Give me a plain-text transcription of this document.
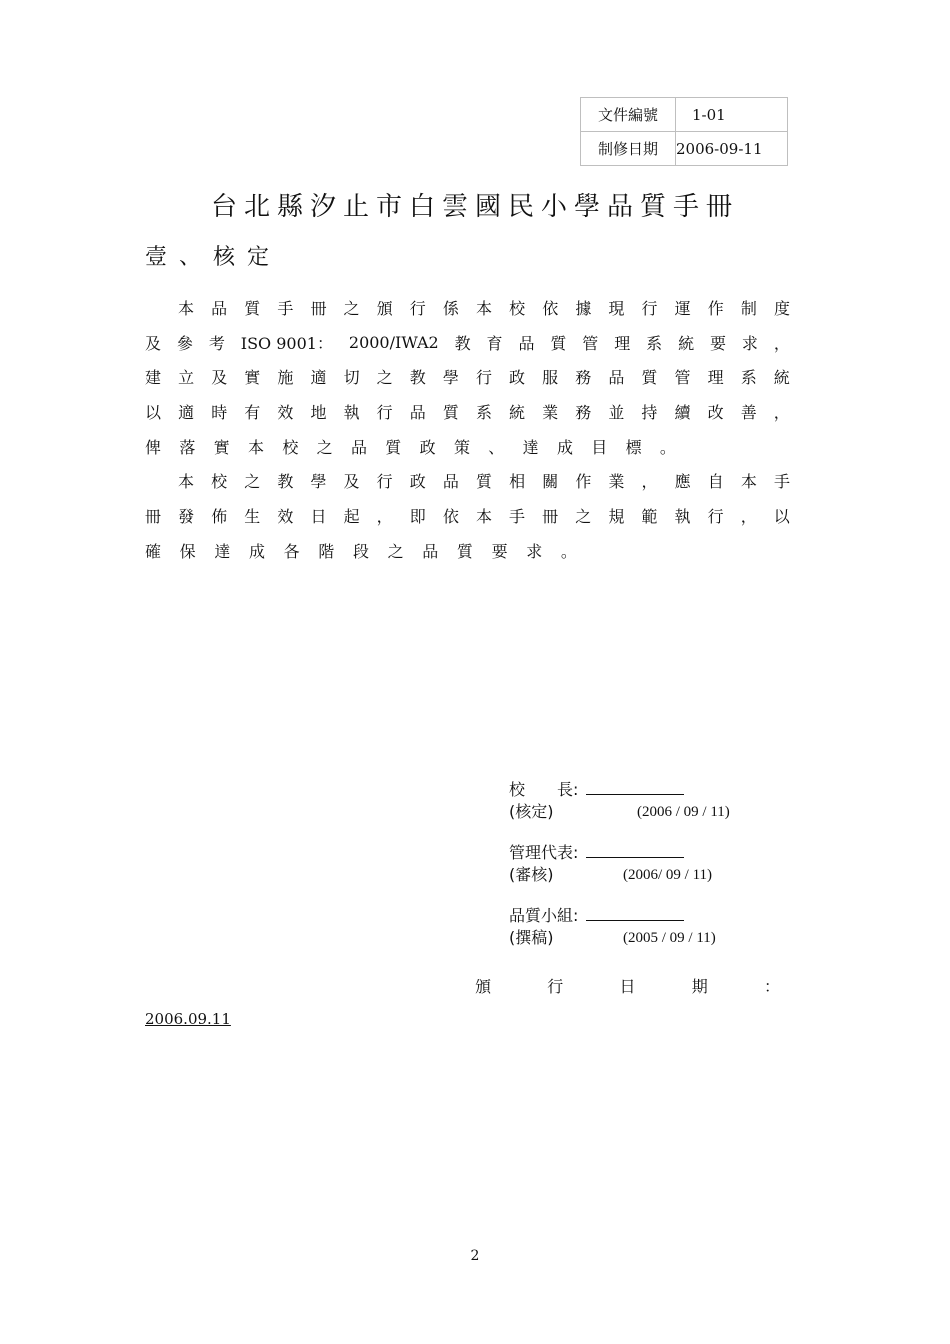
文件編號	1-01
制修日期	2006-09-11
台北縣汐止市白雲國民小學品質手冊
壹、核定
本 品 質 手 冊 之 頒 行 係 本 校 依 據 現 行 運 作 制 度
及 參 考 ISO 9001： 2000/IWA2 教 育 品 質 管 理 系 統 要 求 ，
建 立 及 實 施 適 切 之 教 學 行 政 服 務 品 質 管 理 系 統
以 適 時 有 效 地 執 行 品 質 系 統 業 務 並 持 續 改 善 ，
俾 落 實 本 校 之 品 質 政 策 、 達 成 目 標 。
本 校 之 教 學 及 行 政 品 質 相 關 作 業 ， 應 自 本 手
冊 發 佈 生 效 日 起 ， 即 依 本 手 冊 之 規 範 執 行 ， 以
確 保 達 成 各 階 段 之 品 質 要 求 。
校　　長:
(核定)	(2006 / 09 / 11)
管理代表:
(審核)	(2006/ 09 / 11)
品質小組:
(撰稿)	(2005 / 09 / 11)
頒	行	日	期	：
2006.09.11
2
